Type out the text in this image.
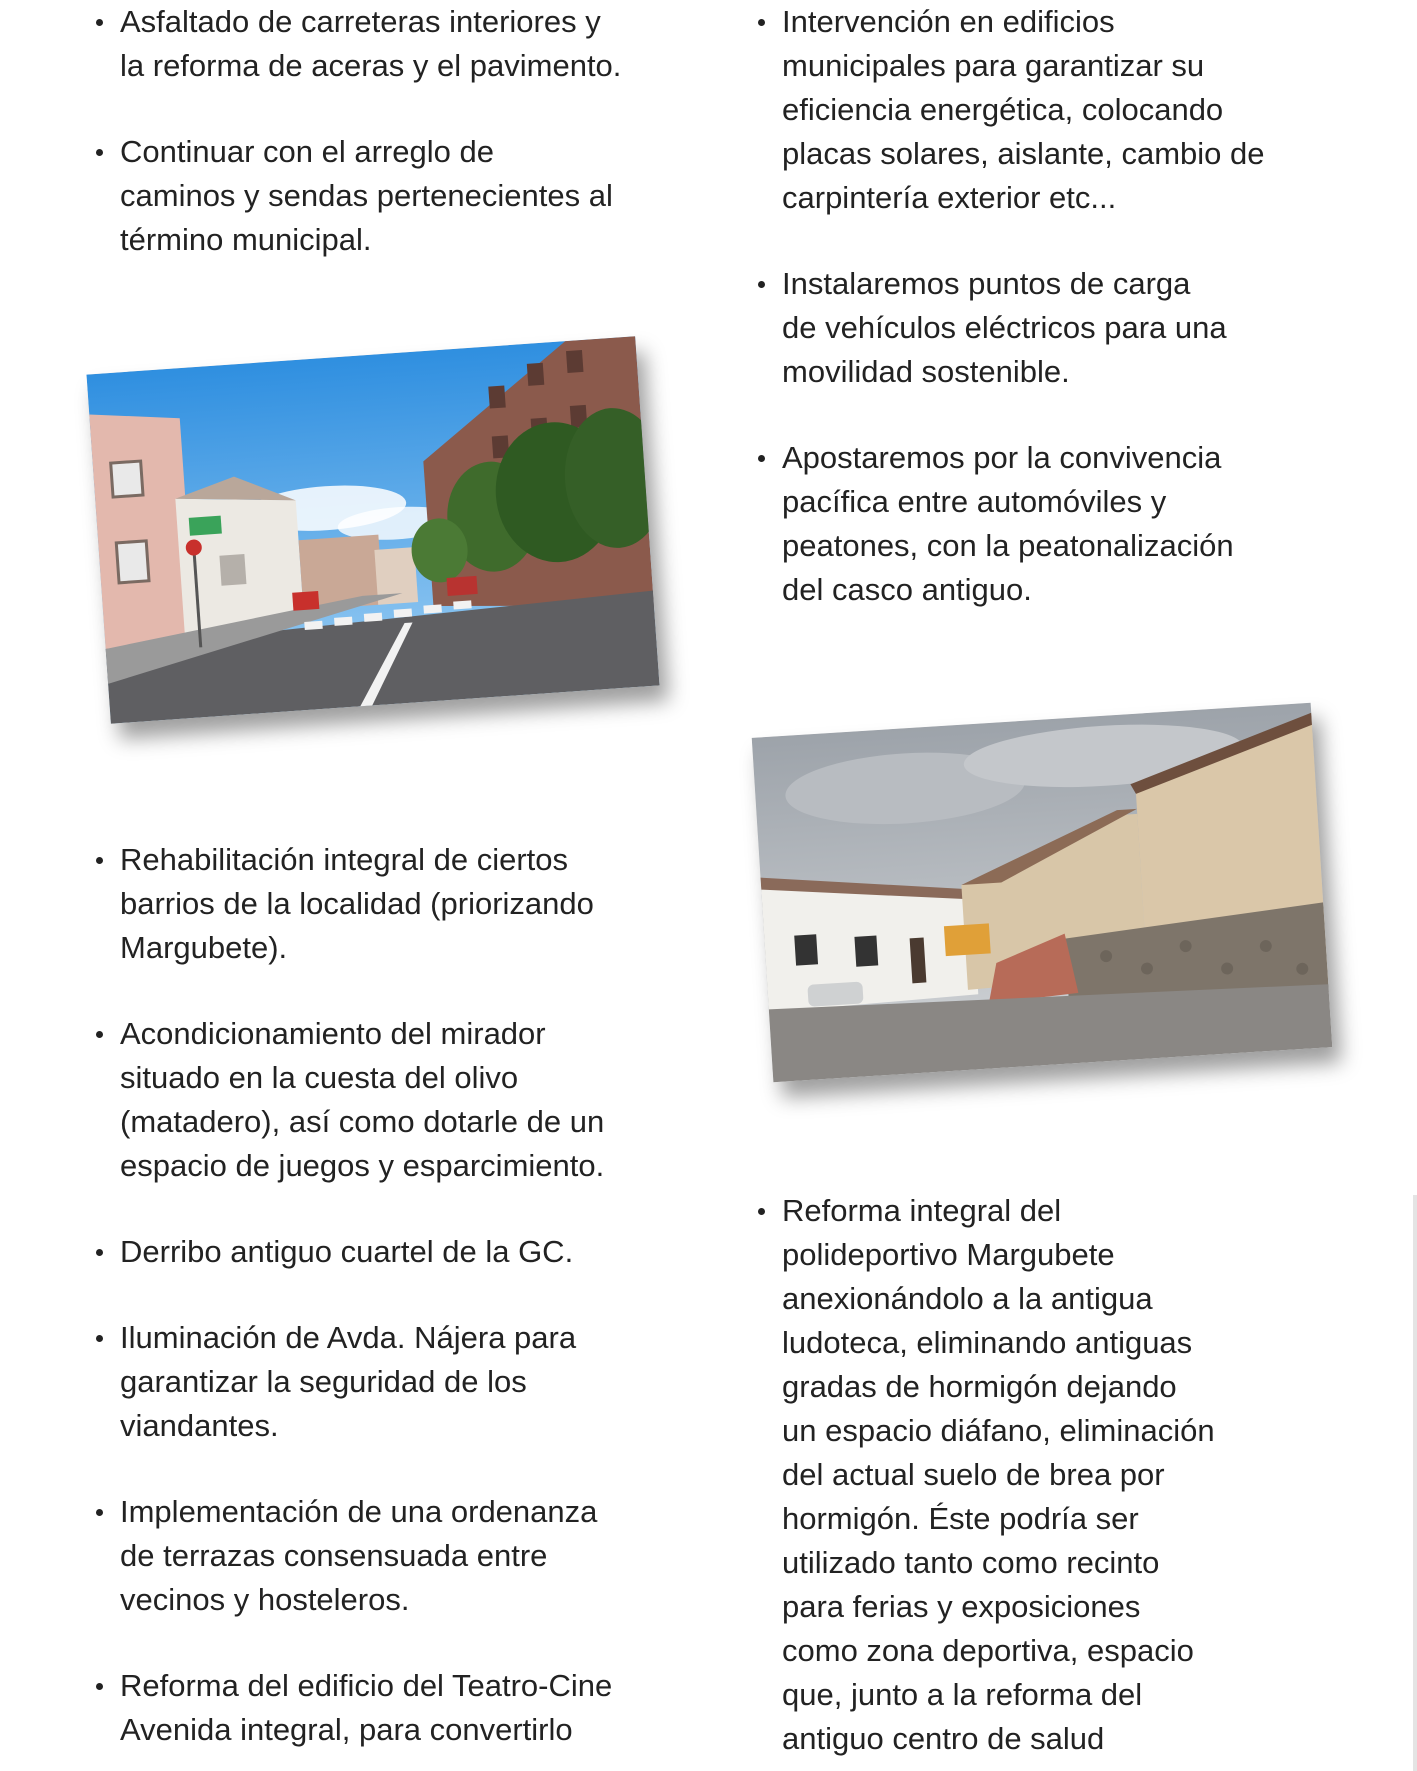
Asfaltado de carreteras interiores y
la reforma de aceras y el pavimento.
Continuar con el arreglo de
caminos y sendas pertenecientes al
término municipal.
Intervención en edificios
municipales para garantizar su
eficiencia energética, colocando
placas solares, aislante, cambio de
carpintería exterior etc...
Instalaremos puntos de carga
de vehículos eléctricos para una
movilidad sostenible.
Apostaremos por la convivencia
pacífica entre automóviles y
peatones, con la peatonalización
del casco antiguo.
Rehabilitación integral de ciertos
barrios de la localidad (priorizando
Margubete).
Acondicionamiento del mirador
situado en la cuesta del olivo
(matadero), así como dotarle de un
espacio de juegos y esparcimiento.
Derribo antiguo cuartel de la GC.
Iluminación de Avda. Nájera para
garantizar la seguridad de los
viandantes.
Implementación de una ordenanza
de terrazas consensuada entre
vecinos y hosteleros.
Reforma del edificio del Teatro-Cine
Avenida integral, para convertirlo
Reforma integral del
polideportivo Margubete
anexionándolo a la antigua
ludoteca, eliminando antiguas
gradas de hormigón dejando
un espacio diáfano, eliminación
del actual suelo de brea por
hormigón. Éste podría ser
utilizado tanto como recinto
para ferias y exposiciones
como zona deportiva, espacio
que, junto a la reforma del
antiguo centro de salud
